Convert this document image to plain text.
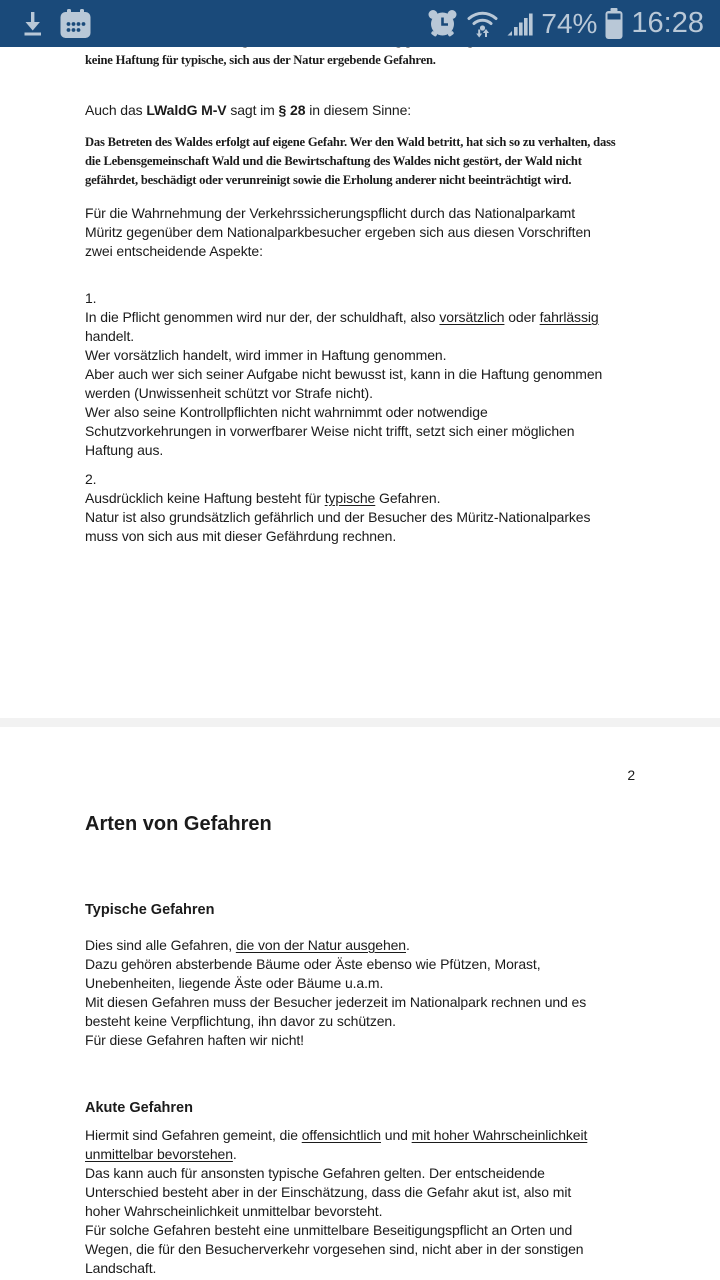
keine Haftung für typische, sich aus der Natur ergebende Gefahren.
Auch das LWaldG M-V sagt im § 28 in diesem Sinne:
Das Betreten des Waldes erfolgt auf eigene Gefahr. Wer den Wald betritt, hat sich so zu verhalten, dass
die Lebensgemeinschaft Wald und die Bewirtschaftung des Waldes nicht gestört, der Wald nicht
gefährdet, beschädigt oder verunreinigt sowie die Erholung anderer nicht beeinträchtigt wird.
Für die Wahrnehmung der Verkehrssicherungspflicht durch das Nationalparkamt
Müritz gegenüber dem Nationalparkbesucher ergeben sich aus diesen Vorschriften
zwei entscheidende Aspekte:
1.
In die Pflicht genommen wird nur der, der schuldhaft, also vorsätzlich oder fahrlässig
handelt.
Wer vorsätzlich handelt, wird immer in Haftung genommen.
Aber auch wer sich seiner Aufgabe nicht bewusst ist, kann in die Haftung genommen
werden (Unwissenheit schützt vor Strafe nicht).
Wer also seine Kontrollpflichten nicht wahrnimmt oder notwendige
Schutzvorkehrungen in vorwerfbarer Weise nicht trifft, setzt sich einer möglichen
Haftung aus.
2.
Ausdrücklich keine Haftung besteht für typische Gefahren.
Natur ist also grundsätzlich gefährlich und der Besucher des Müritz-Nationalparkes
muss von sich aus mit dieser Gefährdung rechnen.
2
Arten von Gefahren
Typische Gefahren
Dies sind alle Gefahren, die von der Natur ausgehen.
Dazu gehören absterbende Bäume oder Äste ebenso wie Pfützen, Morast,
Unebenheiten, liegende Äste oder Bäume u.a.m.
Mit diesen Gefahren muss der Besucher jederzeit im Nationalpark rechnen und es
besteht keine Verpflichtung, ihn davor zu schützen.
Für diese Gefahren haften wir nicht!
Akute Gefahren
Hiermit sind Gefahren gemeint, die offensichtlich und mit hoher Wahrscheinlichkeit
unmittelbar bevorstehen.
Das kann auch für ansonsten typische Gefahren gelten. Der entscheidende
Unterschied besteht aber in der Einschätzung, dass die Gefahr akut ist, also mit
hoher Wahrscheinlichkeit unmittelbar bevorsteht.
Für solche Gefahren besteht eine unmittelbare Beseitigungspflicht an Orten und
Wegen, die für den Besucherverkehr vorgesehen sind, nicht aber in der sonstigen
Landschaft.
74% 16:28
